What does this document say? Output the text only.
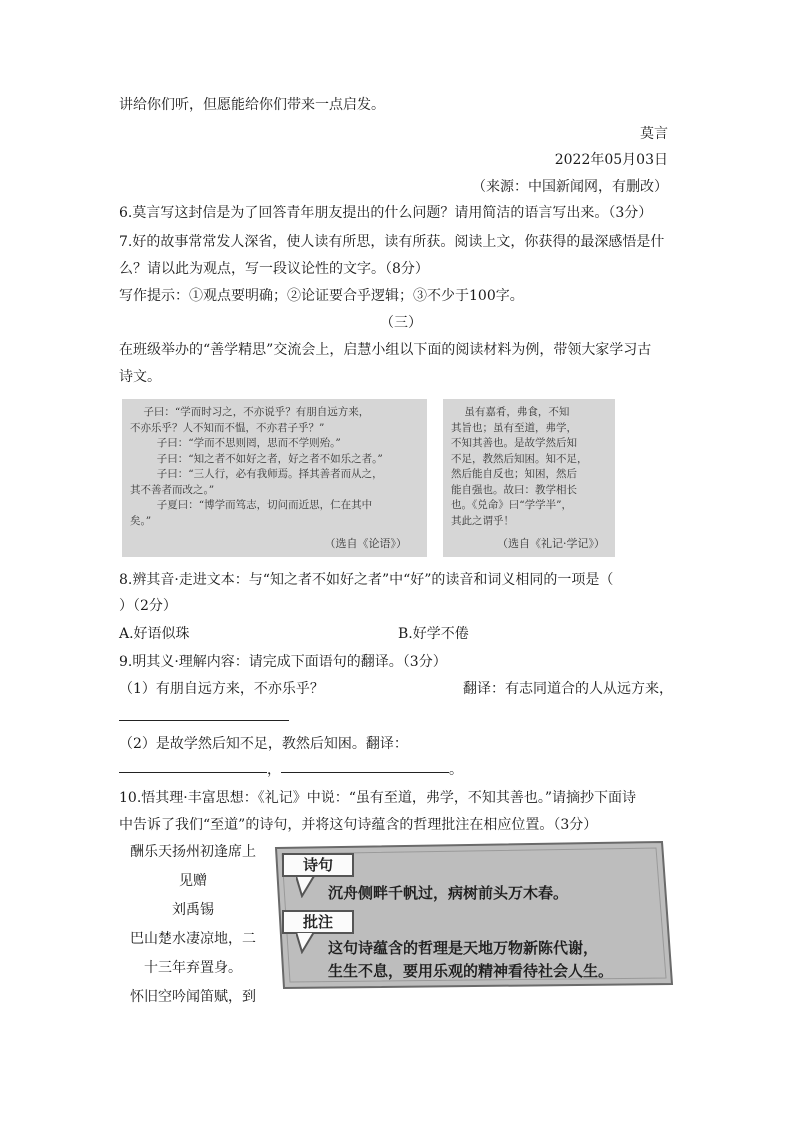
讲给你们听，但愿能给你们带来一点启发。
莫言
2022年05月03日
（来源：中国新闻网，有删改）
6.莫言写这封信是为了回答青年朋友提出的什么问题？请用简洁的语言写出来。（3分）
7.好的故事常常发人深省，使人读有所思，读有所获。阅读上文，你获得的最深感悟是什
么？请以此为观点，写一段议论性的文字。（8分）
写作提示：①观点要明确；②论证要合乎逻辑；③不少于100字。
（三）
在班级举办的“善学精思”交流会上，启慧小组以下面的阅读材料为例，带领大家学习古
诗文。
子曰：“学而时习之，不亦说乎？有朋自远方来，
不亦乐乎？人不知而不愠，不亦君子乎？”
子曰：“学而不思则罔，思而不学则殆。”
子曰：“知之者不如好之者，好之者不如乐之者。”
子曰：“三人行，必有我师焉。择其善者而从之，
其不善者而改之。”
子夏曰：“博学而笃志，切问而近思，仁在其中
矣。”
（选自《论语》）
虽有嘉肴，弗食，不知
其旨也；虽有至道，弗学，
不知其善也。是故学然后知
不足，教然后知困。知不足，
然后能自反也；知困，然后
能自强也。故曰：教学相长
也。《兑命》曰“学学半”，
其此之谓乎！
（选自《礼记·学记》）
8.辨其音·走进文本：与“知之者不如好之者”中“好”的读音和词义相同的一项是（
）（2分）
A.好语似珠	B.好学不倦
9.明其义·理解内容：请完成下面语句的翻译。（3分）
（1）有朋自远方来，不亦乐乎？	翻译：有志同道合的人从远方来，
（2）是故学然后知不足，教然后知困。翻译：
，	。
10.悟其理·丰富思想：《礼记》中说：“虽有至道，弗学，不知其善也。”请摘抄下面诗
中告诉了我们“至道”的诗句，并将这句诗蕴含的哲理批注在相应位置。（3分）
酬乐天扬州初逢席上
见赠
刘禹锡
巴山楚水凄凉地，二
十三年弃置身。
怀旧空吟闻笛赋，到
诗句
沉舟侧畔千帆过，病树前头万木春。
批注
这句诗蕴含的哲理是天地万物新陈代谢，
生生不息，要用乐观的精神看待社会人生。
